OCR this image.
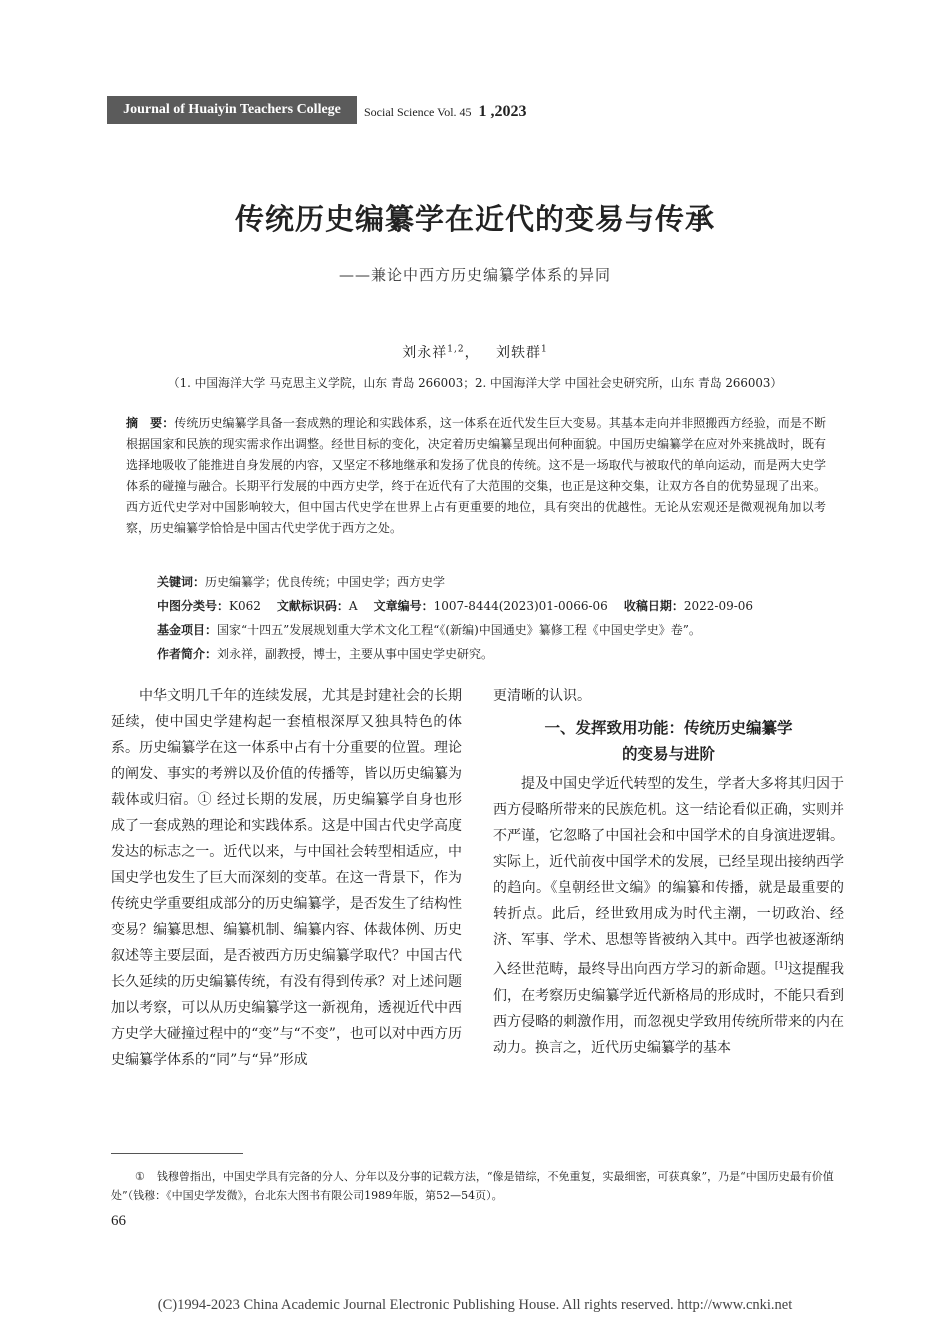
Journal of Huaiyin Teachers College	Social Science Vol. 45 1 ,2023
传统历史编纂学在近代的变易与传承
——兼论中西方历史编纂学体系的异同
刘永祥$^{1,2}$， 刘轶群$^1$
（1. 中国海洋大学 马克思主义学院，山东 青岛 266003；2. 中国海洋大学 中国社会史研究所，山东 青岛 266003）
摘　要：传统历史编纂学具备一套成熟的理论和实践体系，这一体系在近代发生巨大变易。其基本走向并非照搬西方经验，而是不断根据国家和民族的现实需求作出调整。经世目标的变化，决定着历史编纂呈现出何种面貌。中国历史编纂学在应对外来挑战时，既有选择地吸收了能推进自身发展的内容，又坚定不移地继承和发扬了优良的传统。这不是一场取代与被取代的单向运动，而是两大史学体系的碰撞与融合。长期平行发展的中西方史学，终于在近代有了大范围的交集，也正是这种交集，让双方各自的优势显现了出来。西方近代史学对中国影响较大，但中国古代史学在世界上占有更重要的地位，具有突出的优越性。无论从宏观还是微观视角加以考察，历史编纂学恰恰是中国古代史学优于西方之处。
关键词：历史编纂学；优良传统；中国史学；西方史学
中图分类号：K062 文献标识码：A 文章编号：1007-8444(2023)01-0066-06 收稿日期：2022-09-06
基金项目：国家“十四五”发展规划重大学术文化工程“《(新编)中国通史》纂修工程《中国史学史》卷”。
作者简介：刘永祥，副教授，博士，主要从事中国史学史研究。

中华文明几千年的连续发展，尤其是封建社会的长期延续，使中国史学建构起一套植根深厚又独具特色的体系。历史编纂学在这一体系中占有十分重要的位置。理论的阐发、事实的考辨以及价值的传播等，皆以历史编纂为载体或归宿。① 经过长期的发展，历史编纂学自身也形成了一套成熟的理论和实践体系。这是中国古代史学高度发达的标志之一。近代以来，与中国社会转型相适应，中国史学也发生了巨大而深刻的变革。在这一背景下，作为传统史学重要组成部分的历史编纂学，是否发生了结构性变易？编纂思想、编纂机制、编纂内容、体裁体例、历史叙述等主要层面，是否被西方历史编纂学取代？中国古代长久延续的历史编纂传统，有没有得到传承？对上述问题加以考察，可以从历史编纂学这一新视角，透视近代中西方史学大碰撞过程中的“变”与“不变”，也可以对中西方历史编纂学体系的“同”与“异”形成

更清晰的认识。

一、发挥致用功能：传统历史编纂学
的变易与进阶

提及中国史学近代转型的发生，学者大多将其归因于西方侵略所带来的民族危机。这一结论看似正确，实则并不严谨，它忽略了中国社会和中国学术的自身演进逻辑。实际上，近代前夜中国学术的发展，已经呈现出接纳西学的趋向。《皇朝经世文编》的编纂和传播，就是最重要的转折点。此后，经世致用成为时代主潮，一切政治、经济、军事、学术、思想等皆被纳入其中。西学也被逐渐纳入经世范畴，最终导出向西方学习的新命题。[1]这提醒我们，在考察历史编纂学近代新格局的形成时，不能只看到西方侵略的刺激作用，而忽视史学致用传统所带来的内在动力。换言之，近代历史编纂学的基本

① 钱穆曾指出，中国史学具有完备的分人、分年以及分事的记载方法，“像是错综，不免重复，实最细密，可获真象”，乃是“中国历史最有价值处”（钱穆：《中国史学发微》，台北东大图书有限公司1989年版，第52—54页）。
66
(C)1994-2023 China Academic Journal Electronic Publishing House. All rights reserved. http://www.cnki.net
